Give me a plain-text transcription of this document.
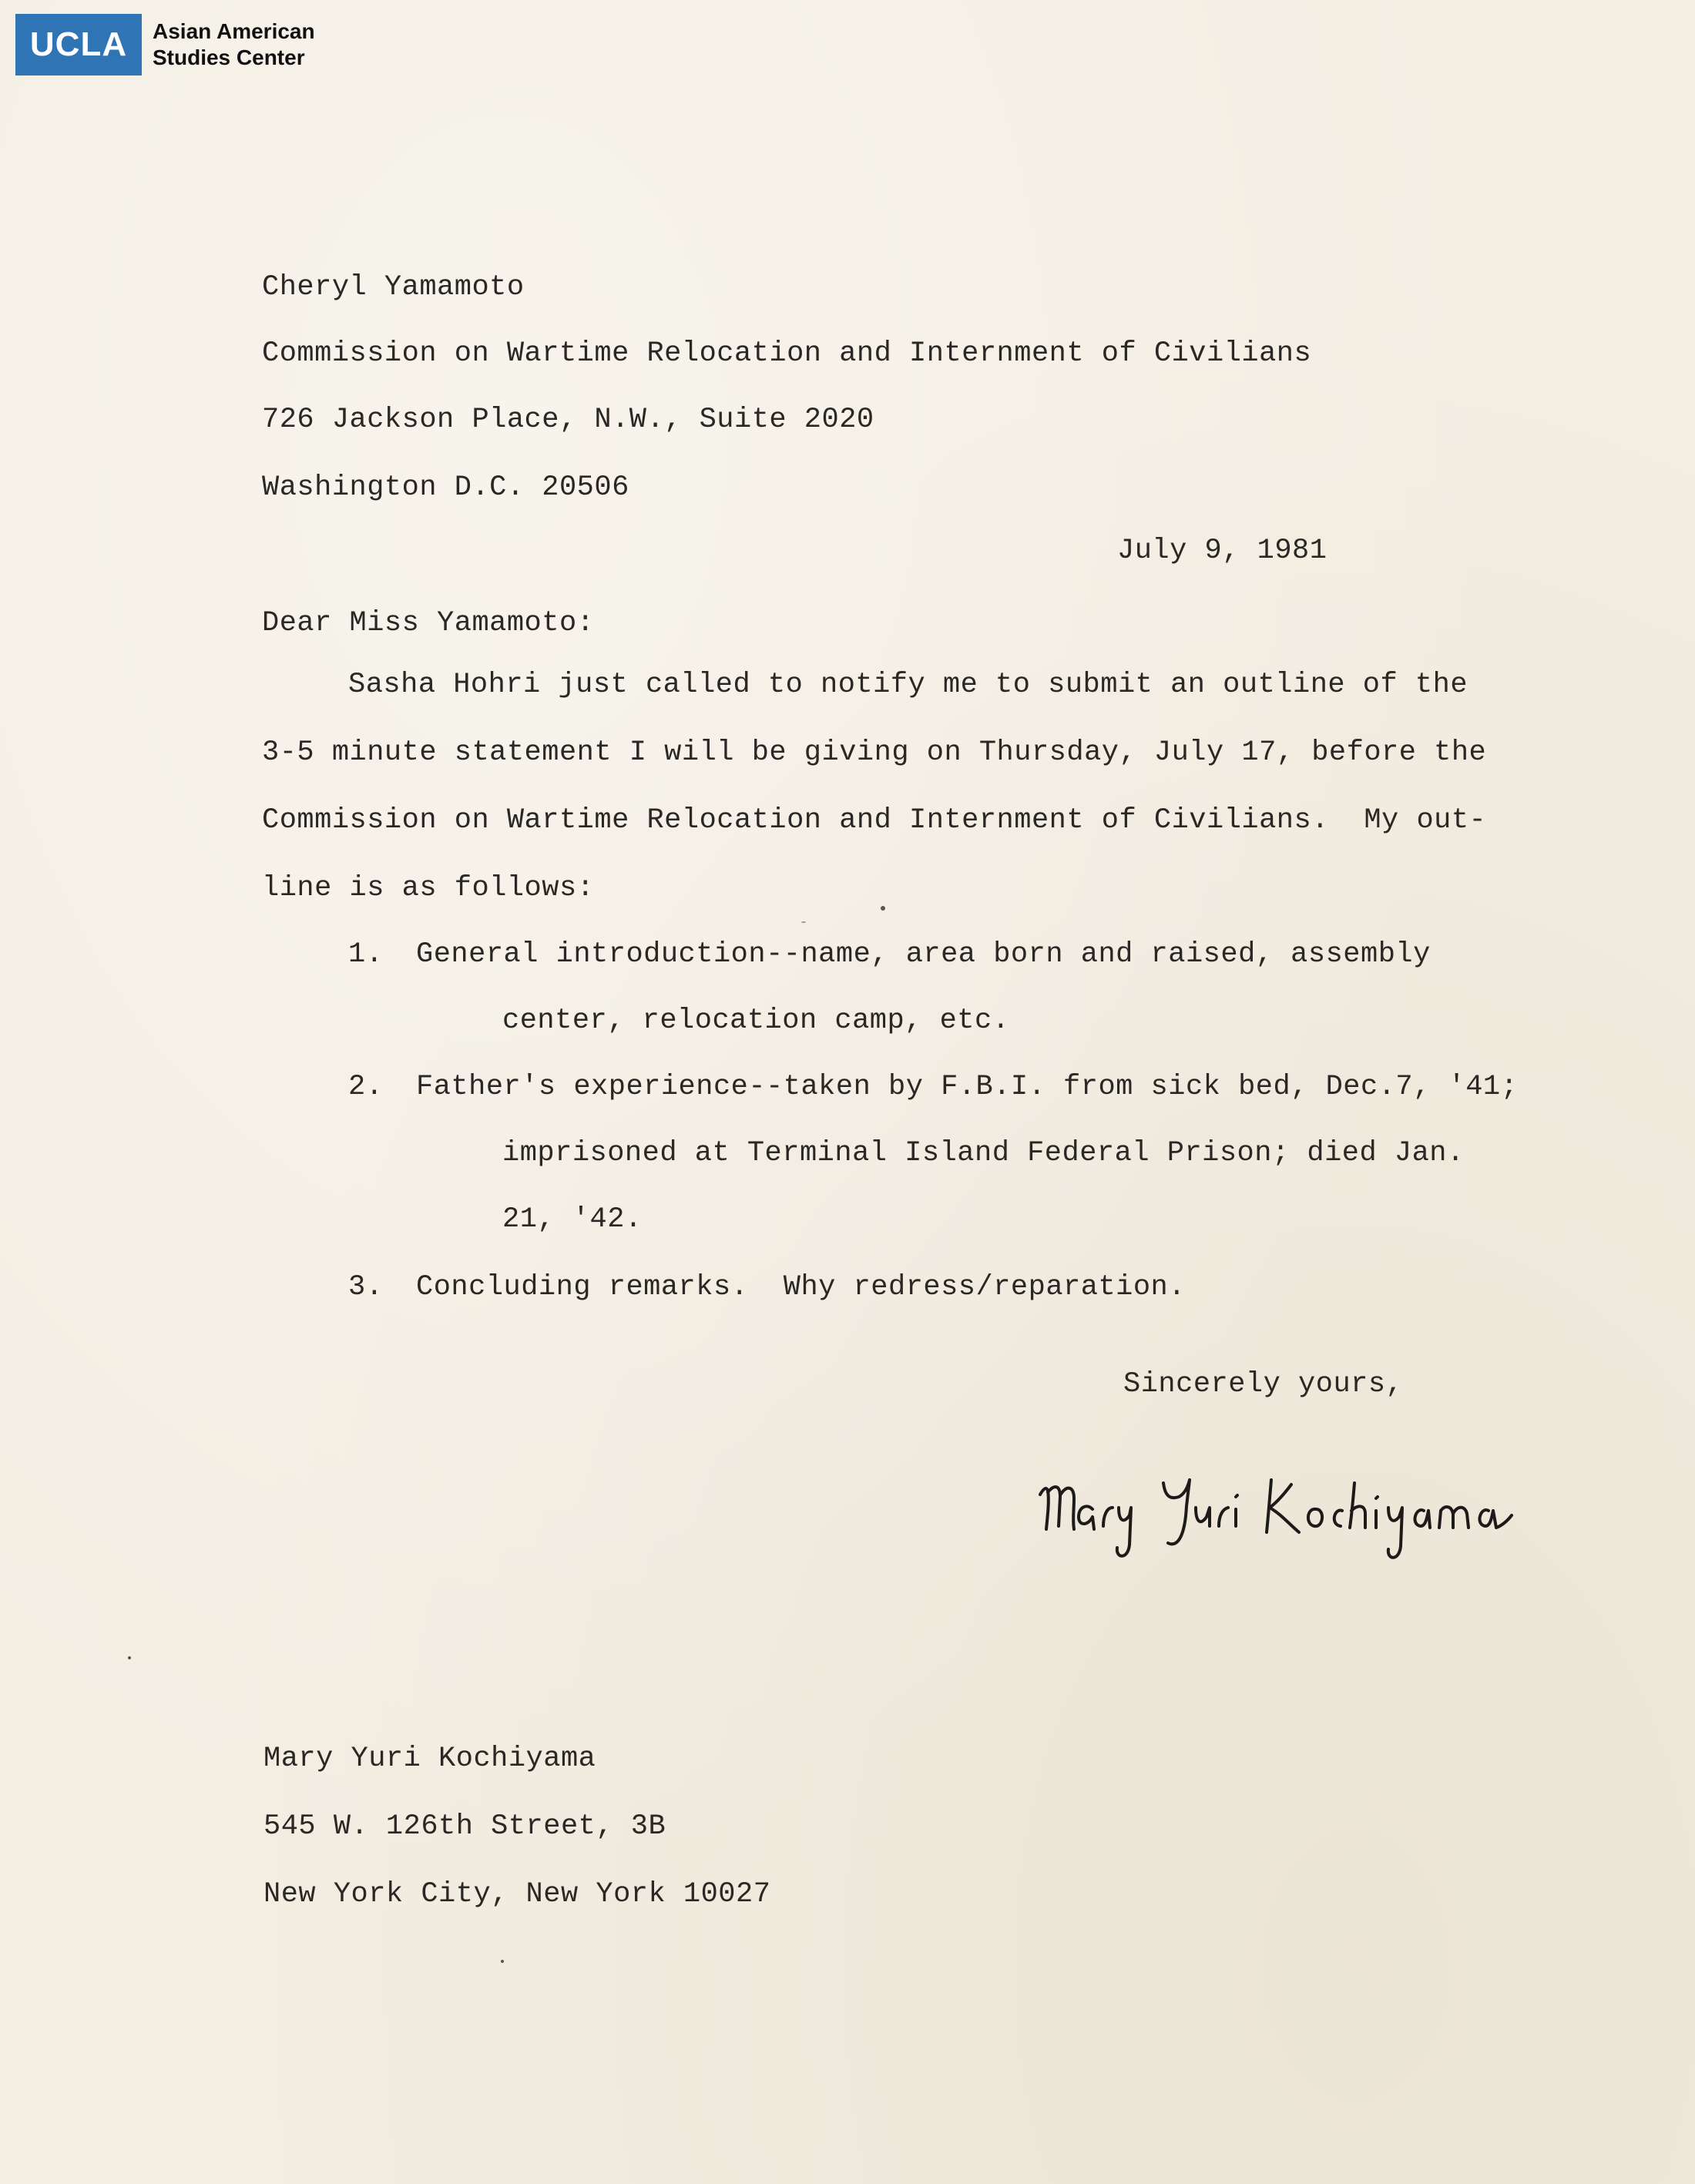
UCLA	Asian American
Studies Center
Cheryl Yamamoto
Commission on Wartime Relocation and Internment of Civilians
726 Jackson Place, N.W., Suite 2020
Washington D.C. 20506
July 9, 1981
Dear Miss Yamamoto:
Sasha Hohri just called to notify me to submit an outline of the
3-5 minute statement I will be giving on Thursday, July 17, before the
Commission on Wartime Relocation and Internment of Civilians.  My out-
line is as follows:
1. General introduction--name, area born and raised, assembly
center, relocation camp, etc.
2. Father's experience--taken by F.B.I. from sick bed, Dec.7, '41;
imprisoned at Terminal Island Federal Prison; died Jan.
21, '42.
3. Concluding remarks.  Why redress/reparation.
Sincerely yours,
Mary Yuri Kochiyama
545 W. 126th Street, 3B
New York City, New York 10027
